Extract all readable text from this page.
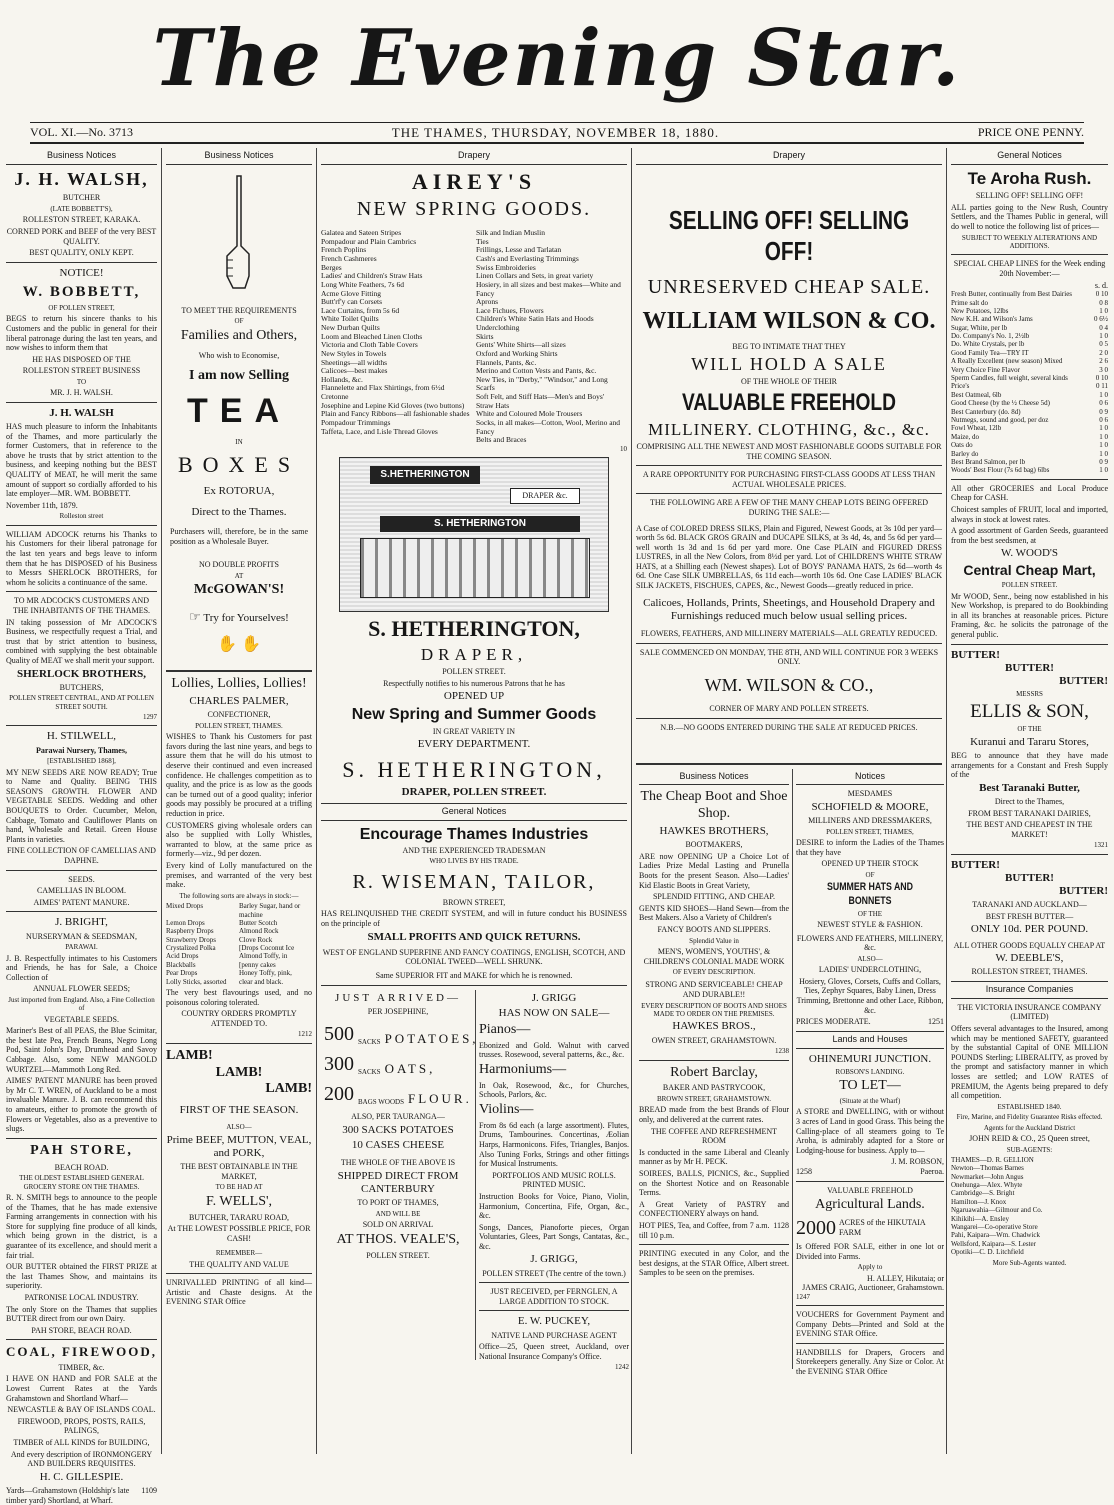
The Evening Star.
VOL. XI.—No. 3713	THE THAMES, THURSDAY, NOVEMBER 18, 1880.	PRICE ONE PENNY.
Business Notices
J. H. WALSH,
BUTCHER
(LATE BOBBETT'S),
ROLLESTON STREET, KARAKA.
CORNED PORK and BEEF of the very BEST QUALITY.
BEST QUALITY, ONLY KEPT.
NOTICE!
W. BOBBETT,
OF POLLEN STREET,

BEGS to return his sincere thanks to his Customers and the public in general for their liberal patronage during the last ten years, and now wishes to inform them that

HE HAS DISPOSED OF THE
ROLLESTON STREET BUSINESS
TO
MR. J. H. WALSH.
J. H. WALSH

HAS much pleasure to inform the Inhabitants of the Thames, and more particularly the former Customers, that in reference to the above he trusts that by strict attention to the business, and keeping nothing but the BEST QUALITY of MEAT, he will merit the same amount of support so cordially afforded to his late employer—MR. WM. BOBBETT.

November 11th, 1879.
Rolleston street

WILLIAM ADCOCK returns his Thanks to his Customers for their liberal patronage for the last ten years and begs leave to inform them that he has DISPOSED of his Business to Messrs SHERLOCK BROTHERS, for whom he solicits a continuance of the same.

TO MR ADCOCK'S CUSTOMERS AND THE INHABITANTS OF THE THAMES.

IN taking possession of Mr ADCOCK'S Business, we respectfully request a Trial, and trust that by strict attention to business, combined with supplying the best obtainable Quality of MEAT we shall merit your support.

SHERLOCK BROTHERS,
BUTCHERS,
POLLEN STREET CENTRAL, AND AT POLLEN STREET SOUTH.
1297
H. STILWELL,
Parawai Nursery, Thames,
[ESTABLISHED 1868],

MY NEW SEEDS ARE NOW READY; True to Name and Quality. BEING THIS SEASON'S GROWTH. FLOWER AND VEGETABLE SEEDS. Wedding and other BOUQUETS to Order. Cucumber, Melon, Cabbage, Tomato and Cauliflower Plants on hand, Wholesale and Retail. Green House Plants in varieties.

FINE COLLECTION OF CAMELLIAS AND DAPHNE.
SEEDS.
CAMELLIAS IN BLOOM.
AIMES' PATENT MANURE.
J. BRIGHT,
NURSERYMAN & SEEDSMAN,
PARAWAI.

J. B. Respectfully intimates to his Customers and Friends, he has for Sale, a Choice Collection of

ANNUAL FLOWER SEEDS;
Just imported from England. Also, a Fine Collection of
VEGETABLE SEEDS.

Mariner's Best of all PEAS, the Blue Scimitar, the best late Pea, French Beans, Negro Long Pod, Saint John's Day, Drumhead and Savoy Cabbage. Also, some NEW MANGOLD WURTZEL—Mammoth Long Red.

AIMES' PATENT MANURE has been proved by Mr C. T. WREN, of Auckland to be a most invaluable Manure. J. B. can recommend this to amateurs, either to promote the growth of Flowers or Vegetables, also as a preventive to slugs.

PAH STORE,
BEACH ROAD.
THE OLDEST ESTABLISHED GENERAL GROCERY STORE ON THE THAMES.

R. N. SMITH begs to announce to the people of the Thames, that he has made extensive Farming arrangements in connection with his Store for supplying fine produce of all kinds, which being grown in the district, is a guarantee of its excellence, and should merit a fair trial.

OUR BUTTER obtained the FIRST PRIZE at the last Thames Show, and maintains its superiority.

PATRONISE LOCAL INDUSTRY.

The only Store on the Thames that supplies BUTTER direct from our own Dairy.

PAH STORE, BEACH ROAD.
COAL, FIREWOOD,
TIMBER, &c.

I HAVE ON HAND and FOR SALE at the Lowest Current Rates at the Yards Grahamstown and Shortland Wharf—

NEWCASTLE & BAY OF ISLANDS COAL.
FIREWOOD, PROPS, POSTS, RAILS, PALINGS,
TIMBER of ALL KINDS for BUILDING,
And every description of IRONMONGERY AND BUILDERS REQUISITES.
H. C. GILLESPIE.
Yards—Grahamstown (Holdship's late timber yard) Shortland, at Wharf.
1109
Business Notices
TO MEET THE REQUIREMENTS
OF
Families and Others,
Who wish to Economise,
I am now Selling
TEA
IN
BOXES
Ex ROTORUA,
Direct to the Thames.

Purchasers will, therefore, be in the same position as a Wholesale Buyer.

NO DOUBLE PROFITS
AT
McGOWAN'S!
☞ Try for Yourselves!
✋ ✋
Lollies, Lollies, Lollies!
CHARLES PALMER,
CONFECTIONER,
POLLEN STREET, THAMES.

WISHES to Thank his Customers for past favors during the last nine years, and begs to assure them that he will do his utmost to deserve their continued and even increased confidence. He challenges competition as to quality, and the price is as low as the goods can be turned out of a good quality; inferior goods may possibly be procured at a trifling reduction in price.

CUSTOMERS giving wholesale orders can also be supplied with Lolly Whistles, warranted to blow, at the same price as formerly—viz., 9d per dozen.

Every kind of Lolly manufactured on the premises, and warranted of the very best make.

The following sorts are always in stock:—
Mixed Drops	Barley Sugar, hand or machine
Lemon Drops	Butter Scotch
Raspberry Drops	Almond Rock
Strawberry Drops	Clove Rock
Crystalized Polka	[Drops Coconut Ice
Acid Drops	Almond Toffy, in
Blackballs	[penny cakes
Pear Drops	Honey Toffy, pink,
Lolly Sticks, assorted	clear and black.

The very best flavourings used, and no poisonous coloring tolerated.

COUNTRY ORDERS PROMPTLY ATTENDED TO.
1212
LAMB!
LAMB!
LAMB!
FIRST OF THE SEASON.
ALSO—
Prime BEEF, MUTTON, VEAL, and PORK,
THE BEST OBTAINABLE IN THE MARKET,
TO BE HAD AT
F. WELLS',
BUTCHER, TARARU ROAD,
At THE LOWEST POSSIBLE PRICE, FOR CASH!
REMEMBER—
THE QUALITY AND VALUE

UNRIVALLED PRINTING of all kind—Artistic and Chaste designs. At the EVENING STAR Office

Drapery
AIREY'S
NEW SPRING GOODS.
Galatea and Sateen Stripes
Pompadour and Plain Cambrics
French Poplins
French Cashmeres
Berges
Ladies' and Children's Straw Hats
Long White Feathers, 7s 6d
Acme Glove Fitting
Butt'rf'y can Corsets
Lace Curtains, from 5s 6d
White Toilet Quilts
New Durban Quilts
Loom and Bleached Linen Cloths
Victoria and Cloth Table Covers
New Styles in Towels
Sheetings—all widths
Calicoes—best makes
Hollands, &c.
Flannelette and Flax Shirtings, from 6½d
Cretonne
Josephine and Lepine Kid Gloves (two buttons)
Plain and Fancy Ribbons—all fashionable shades
Pompadour Trimmings
Taffeta, Lace, and Lisle Thread Gloves
Silk and Indian Muslin
Ties
Frillings, Lesse and Tarlatan
Cash's and Everlasting Trimmings
Swiss Embroideries
Linen Collars and Sets, in great variety
Hosiery, in all sizes and best makes—White and Fancy
Aprons
Lace Fichues, Flowers
Children's White Satin Hats and Hoods
Underclothing
Skirts
Gents' White Shirts—all sizes
Oxford and Working Shirts
Flannels, Pants, &c.
Merino and Cotton Vests and Pants, &c.
New Ties, in "Derby," "Windsor," and Long Scarfs
Soft Felt, and Stiff Hats—Men's and Boys'
Straw Hats
White and Coloured Mole Trousers
Socks, in all makes—Cotton, Wool, Merino and Fancy
Belts and Braces
10
S.HETHERINGTON
DRAPER &c.
S. HETHERINGTON
S. HETHERINGTON,
DRAPER,
POLLEN STREET.
Respectfully notifies to his numerous Patrons that he has
OPENED UP
New Spring and Summer Goods
IN GREAT VARIETY IN
EVERY DEPARTMENT.
S. HETHERINGTON,
DRAPER, POLLEN STREET.
General Notices
Encourage Thames Industries
AND THE EXPERIENCED TRADESMAN
WHO LIVES BY HIS TRADE.
R. WISEMAN, TAILOR,
BROWN STREET,

HAS RELINQUISHED THE CREDIT SYSTEM, and will in future conduct his BUSINESS on the principle of

SMALL PROFITS AND QUICK RETURNS.
WEST OF ENGLAND SUPERFINE AND FANCY COATINGS, ENGLISH, SCOTCH, AND COLONIAL TWEED—WELL SHRUNK.
Same SUPERIOR FIT and MAKE for which he is renowned.
JUST ARRIVED—
PER JOSEPHINE,
500 SACKS POTATOES,
300 SACKS OATS,
200 BAGS WOODS FLOUR.
ALSO, PER TAURANGA—
300 SACKS POTATOES
10 CASES CHEESE
THE WHOLE OF THE ABOVE IS
SHIPPED DIRECT FROM CANTERBURY
TO PORT OF THAMES,
AND WILL BE
SOLD ON ARRIVAL
AT THOS. VEALE'S,
POLLEN STREET.
J. GRIGG
HAS NOW ON SALE—
Pianos—

Ebonized and Gold. Walnut with carved trusses. Rosewood, several patterns, &c., &c.

Harmoniums—

In Oak, Rosewood, &c., for Churches, Schools, Parlors, &c.

Violins—

From 8s 6d each (a large assortment). Flutes, Drums, Tambourines. Concertinas, Æolian Harps, Harmonicons. Fifes, Triangles, Banjos. Also Tuning Forks, Strings and other fittings for Musical Instruments.

PORTFOLIOS AND MUSIC ROLLS. PRINTED MUSIC.

Instruction Books for Voice, Piano, Violin, Harmonium, Concertina, Fife, Organ, &c., &c.

Songs, Dances, Pianoforte pieces, Organ Voluntaries, Glees, Part Songs, Cantatas, &c., &c.

J. GRIGG,
POLLEN STREET (The centre of the town.)
JUST RECEIVED, per FERNGLEN, A LARGE ADDITION TO STOCK.
E. W. PUCKEY,
NATIVE LAND PURCHASE AGENT

Office—25, Queen street, Auckland, over National Insurance Company's Office.

1242
Drapery
SELLING OFF! SELLING OFF!
UNRESERVED CHEAP SALE.
WILLIAM WILSON & CO.
BEG TO INTIMATE THAT THEY
WILL HOLD A SALE
OF THE WHOLE OF THEIR
VALUABLE FREEHOLD
MILLINERY. CLOTHING, &c., &c.
COMPRISING ALL THE NEWEST AND MOST FASHIONABLE GOODS SUITABLE FOR THE COMING SEASON.
A RARE OPPORTUNITY FOR PURCHASING FIRST-CLASS GOODS AT LESS THAN ACTUAL WHOLESALE PRICES.
THE FOLLOWING ARE A FEW OF THE MANY CHEAP LOTS BEING OFFERED DURING THE SALE:—

A Case of COLORED DRESS SILKS, Plain and Figured, Newest Goods, at 3s 10d per yard—worth 5s 6d. BLACK GROS GRAIN and DUCAPE SILKS, at 3s 4d, 4s, and 5s 6d per yard—well worth 1s 3d and 1s 6d per yard more. One Case PLAIN and FIGURED DRESS LUSTRES, in all the New Colors, from 8½d per yard. Lot of CHILDREN'S WHITE STRAW HATS, at a Shilling each (Newest shapes). Lot of BOYS' PANAMA HATS, 2s 6d—worth 4s 6d. One Case SILK UMBRELLAS, 6s 11d each—worth 10s 6d. One Case LADIES' BLACK SILK JACKETS, FISCHUES, CAPES, &c., Newest Goods—greatly reduced in price.

Calicoes, Hollands, Prints, Sheetings, and Household Drapery and Furnishings reduced much below usual selling prices.
FLOWERS, FEATHERS, AND MILLINERY MATERIALS—ALL GREATLY REDUCED.
SALE COMMENCED ON MONDAY, THE 8TH, AND WILL CONTINUE FOR 3 WEEKS ONLY.
WM. WILSON & CO.,
CORNER OF MARY AND POLLEN STREETS.
N.B.—NO GOODS ENTERED DURING THE SALE AT REDUCED PRICES.
Business Notices
The Cheap Boot and Shoe Shop.
HAWKES BROTHERS,
BOOTMAKERS,

ARE now OPENING UP a Choice Lot of Ladies Prize Medal Lasting and Prunella Boots for the present Season. Also—Ladies' Kid Elastic Boots in Great Variety,

SPLENDID FITTING, AND CHEAP.

GENTS KID SHOES—Hand Sewn—from the Best Makers. Also a Variety of Children's

FANCY BOOTS AND SLIPPERS.
Splendid Value in
MEN'S, WOMEN'S, YOUTHS', & CHILDREN'S COLONIAL MADE WORK
OF EVERY DESCRIPTION.
STRONG AND SERVICEABLE! CHEAP AND DURABLE!!
EVERY DESCRIPTION OF BOOTS AND SHOES MADE TO ORDER ON THE PREMISES.
HAWKES BROS.,
OWEN STREET, GRAHAMSTOWN.
1238
Robert Barclay,
BAKER AND PASTRYCOOK,
BROWN STREET, GRAHAMSTOWN.

BREAD made from the best Brands of Flour only, and delivered at the current rates.

THE COFFEE AND REFRESHMENT ROOM

Is conducted in the same Liberal and Cleanly manner as by Mr H. PECK.

SOIREES, BALLS, PICNICS, &c., Supplied on the Shortest Notice and on Reasonable Terms.

A Great Variety of PASTRY and CONFECTIONERY always on hand.

HOT PIES, Tea, and Coffee, from 7 a.m. till 10 p.m.
1128

PRINTING executed in any Color, and the best designs, at the STAR Office, Albert street. Samples to be seen on the premises.

Notices
MESDAMES
SCHOFIELD & MOORE,
MILLINERS AND DRESSMAKERS,
POLLEN STREET, THAMES,

DESIRE to inform the Ladies of the Thames that they have

OPENED UP THEIR STOCK
OF
SUMMER HATS AND BONNETS
OF THE
NEWEST STYLE & FASHION.
FLOWERS AND FEATHERS, MILLINERY, &c.
ALSO—
LADIES' UNDERCLOTHING,

Hosiery, Gloves, Corsets, Cuffs and Collars, Ties, Zephyr Squares, Baby Linen, Dress Trimming, Brettonne and other Lace, Ribbon, &c.

PRICES MODERATE.	1251
Lands and Houses
OHINEMURI JUNCTION.
ROBSON'S LANDING.
TO LET—
(Situate at the Wharf)

A STORE and DWELLING, with or without 3 acres of Land in good Grass. This being the Calling-place of all steamers going to Te Aroha, is admirably adapted for a Store or Lodging-house for business. Apply to—

J. M. ROBSON,
1258	Paeroa.
VALUABLE FREEHOLD
Agricultural Lands.
2000 ACRES of the HIKUTAIA FARM

Is Offered FOR SALE, either in one lot or Divided into Farms.

Apply to
H. ALLEY, Hikutaia; or
JAMES CRAIG, Auctioneer, Grahamstown.
1247

VOUCHERS for Government Payment and Company Debts—Printed and Sold at the EVENING STAR Office.

HANDBILLS for Drapers, Grocers and Storekeepers generally. Any Size or Color. At the EVENING STAR Office

General Notices
Te Aroha Rush.
SELLING OFF! SELLING OFF!

ALL parties going to the New Rush, Country Settlers, and the Thames Public in general, will do well to notice the following list of prices—

SUBJECT TO WEEKLY ALTERATIONS AND ADDITIONS.
SPECIAL CHEAP LINES for the Week ending 20th November:—
s. d.
Fresh Butter, continually from Best Dairies	0 10
Prime salt do	0 8
New Potatoes, 12lbs	1 0
New K.H. and Wilson's Jams	0 6½
Sugar, White, per lb	0 4
Do. Company's No. 1, 2½lb	1 0
Do. White Crystals, per lb	0 5
Good Family Tea—TRY IT	2 0
A Really Excellent (new season) Mixed	2 6
Very Choice Fine Flavor	3 0
Sperm Candles, full weight, several kinds	0 10
Price's	0 11
Best Oatmeal, 6lb	1 0
Good Cheese (by the ½ Cheese 5d)	0 6
Best Canterbury (do. 8d)	0 9
Nutmegs, sound and good, per doz	0 6
Fowl Wheat, 12lb	1 0
Maize, do	1 0
Oats do	1 0
Barley do	1 0
Best Brand Salmon, per lb	0 9
Woods' Best Flour (7s 6d bag) 6lbs	1 0

All other GROCERIES and Local Produce Cheap for CASH.

Choicest samples of FRUIT, local and imported, always in stock at lowest rates.

A good assortment of Garden Seeds, guaranteed from the best seedsmen, at

W. WOOD'S
Central Cheap Mart,
POLLEN STREET.

Mr WOOD, Senr., being now established in his New Workshop, is prepared to do Bookbinding in all its branches at reasonable prices. Picture Framing, &c. he solicits the patronage of the general public.

BUTTER!
BUTTER!
BUTTER!
MESSRS
ELLIS & SON,
OF THE
Kuranui and Tararu Stores,

BEG to announce that they have made arrangements for a Constant and Fresh Supply of the

Best Taranaki Butter,
Direct to the Thames,
FROM BEST TARANAKI DAIRIES,
THE BEST AND CHEAPEST IN THE MARKET!
1321
BUTTER!
BUTTER!
BUTTER!
TARANAKI AND AUCKLAND—
BEST FRESH BUTTER—
ONLY 10d. PER POUND.
ALL OTHER GOODS EQUALLY CHEAP AT
W. DEEBLE'S,
ROLLESTON STREET, THAMES.
Insurance Companies
THE VICTORIA INSURANCE COMPANY (LIMITED)

Offers several advantages to the Insured, among which may be mentioned SAFETY, guaranteed by the substantial Capital of ONE MILLION POUNDS Sterling; LIBERALITY, as proved by the prompt and satisfactory manner in which losses are settled; and LOW RATES of PREMIUM, the Agents being prepared to defy all competition.

ESTABLISHED 1840.
Fire, Marine, and Fidelity Guarantee Risks effected.
Agents for the Auckland District
JOHN REID & CO., 25 Queen street,
SUB-AGENTS:
THAMES—D. R. GELLION
Newton—Thomas Barnes
Newmarket—John Angus
Onehunga—Alex. Whyte
Cambridge—S. Bright
Hamilton—J. Knox
Ngaruawahia—Gilmour and Co.
Kihikihi—A. Ensley
Wangarei—Co-operative Store
Pahi, Kaipara—Wm. Chadwick
Wellsford, Kaipara—S. Lester
Opotiki—C. D. Litchfield
More Sub-Agents wanted.
